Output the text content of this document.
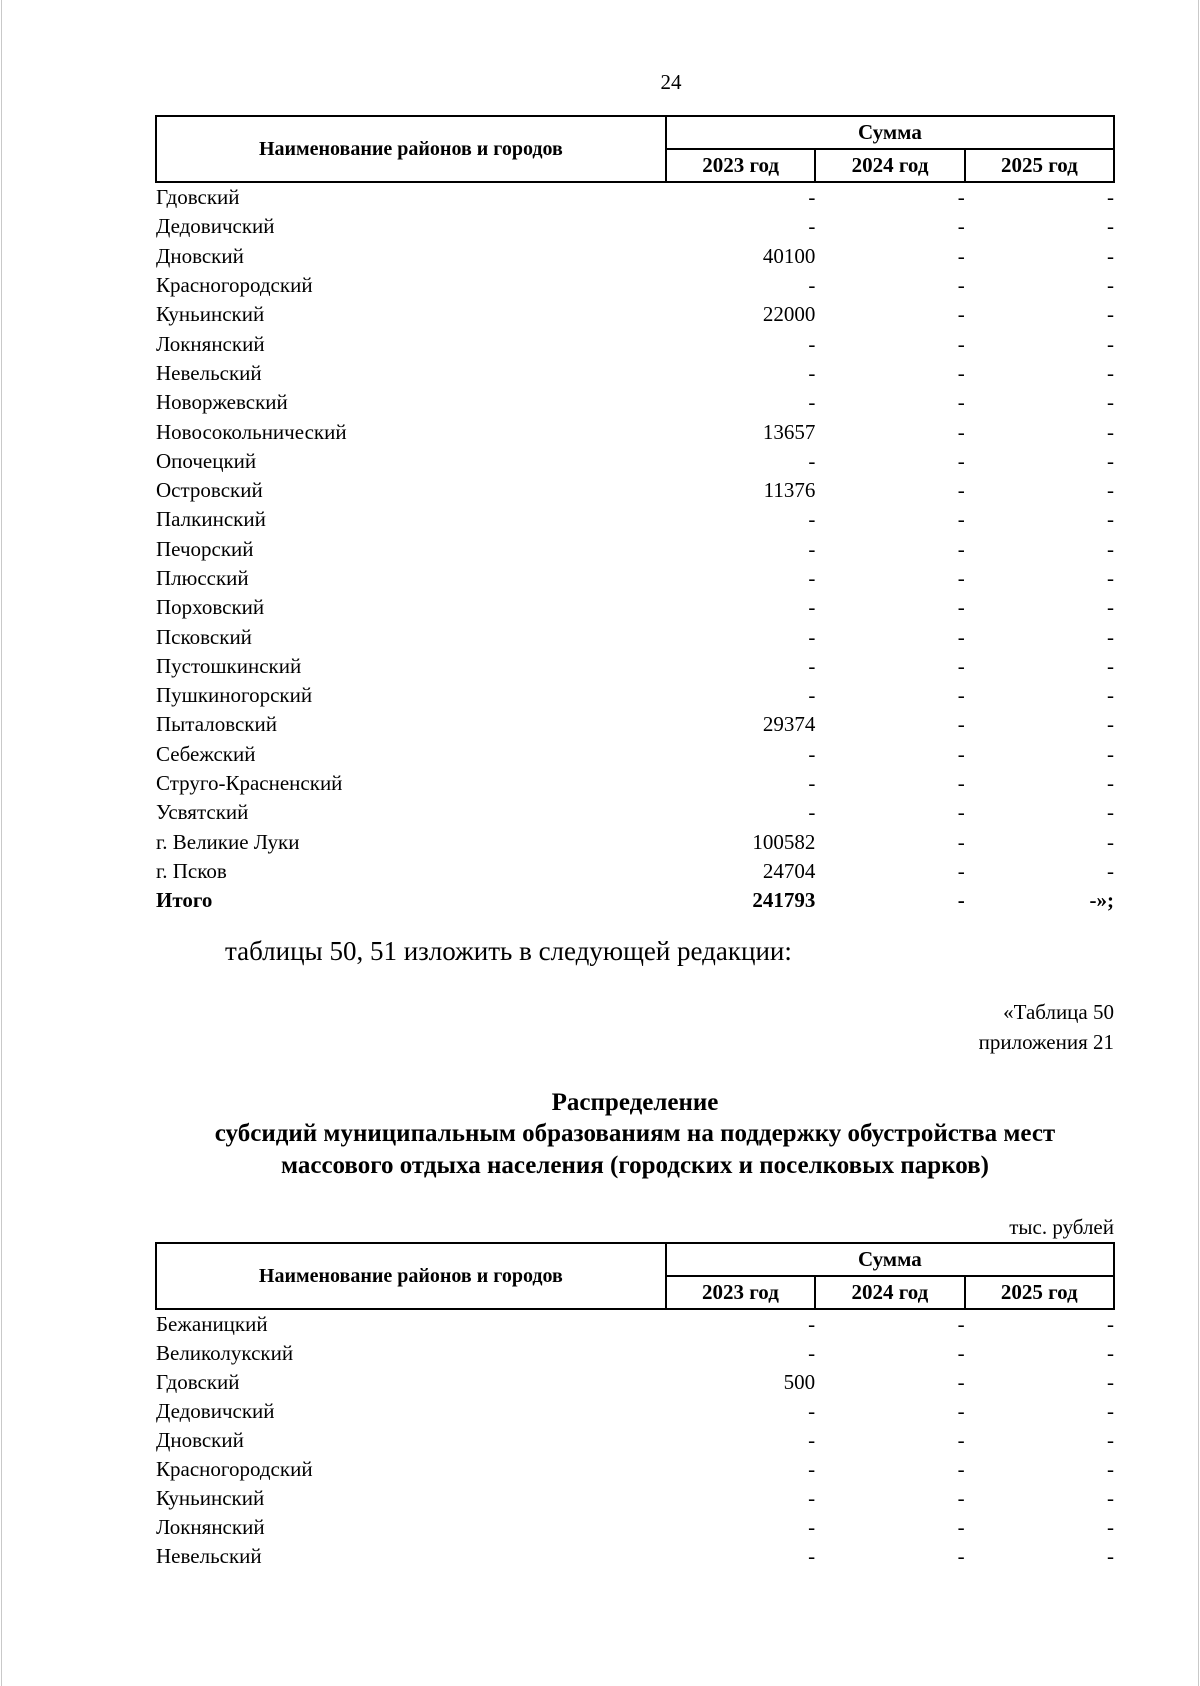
24
Наименование районов и городов	Сумма		
	2023 год	2024 год	2025 год
Гдовский	-	-	-
Дедовичский	-	-	-
Дновский	40100	-	-
Красногородский	-	-	-
Куньинский	22000	-	-
Локнянский	-	-	-
Невельский	-	-	-
Новоржевский	-	-	-
Новосокольнический	13657	-	-
Опочецкий	-	-	-
Островский	11376	-	-
Палкинский	-	-	-
Печорский	-	-	-
Плюсский	-	-	-
Порховский	-	-	-
Псковский	-	-	-
Пустошкинский	-	-	-
Пушкиногорский	-	-	-
Пыталовский	29374	-	-
Себежский	-	-	-
Струго-Красненский	-	-	-
Усвятский	-	-	-
г. Великие Луки	100582	-	-
г. Псков	24704	-	-
Итого	241793	-	-»;
таблицы 50, 51 изложить в следующей редакции:
«Таблица 50
приложения 21
Распределение
субсидий муниципальным образованиям на поддержку обустройства мест
массового отдыха населения (городских и поселковых парков)
тыс. рублей
Наименование районов и городов	Сумма		
	2023 год	2024 год	2025 год
Бежаницкий	-	-	-
Великолукский	-	-	-
Гдовский	500	-	-
Дедовичский	-	-	-
Дновский	-	-	-
Красногородский	-	-	-
Куньинский	-	-	-
Локнянский	-	-	-
Невельский	-	-	-
